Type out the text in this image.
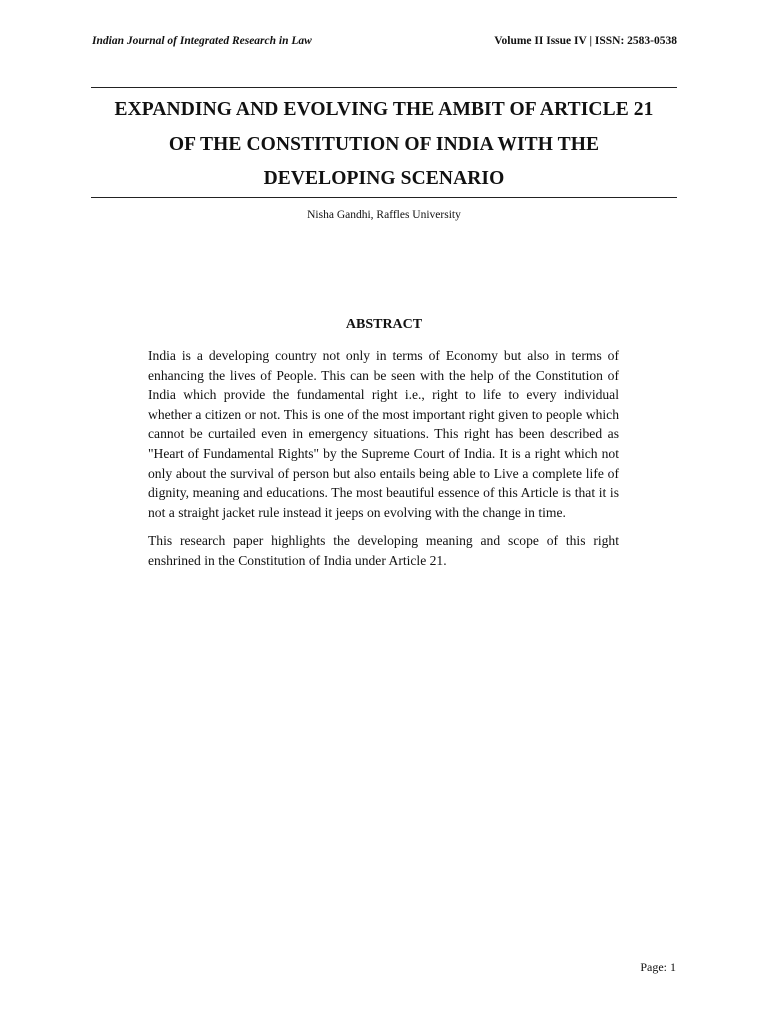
Indian Journal of Integrated Research in Law	Volume II Issue IV | ISSN: 2583-0538
EXPANDING AND EVOLVING THE AMBIT OF ARTICLE 21
OF THE CONSTITUTION OF INDIA WITH THE
DEVELOPING SCENARIO
Nisha Gandhi, Raffles University
ABSTRACT

India is a developing country not only in terms of Economy but also in terms of enhancing the lives of People. This can be seen with the help of the Constitution of India which provide the fundamental right i.e., right to life to every individual whether a citizen or not. This is one of the most important right given to people which cannot be curtailed even in emergency situations. This right has been described as "Heart of Fundamental Rights" by the Supreme Court of India. It is a right which not only about the survival of person but also entails being able to Live a complete life of dignity, meaning and educations. The most beautiful essence of this Article is that it is not a straight jacket rule instead it jeeps on evolving with the change in time.

This research paper highlights the developing meaning and scope of this right enshrined in the Constitution of India under Article 21.

Page: 1
